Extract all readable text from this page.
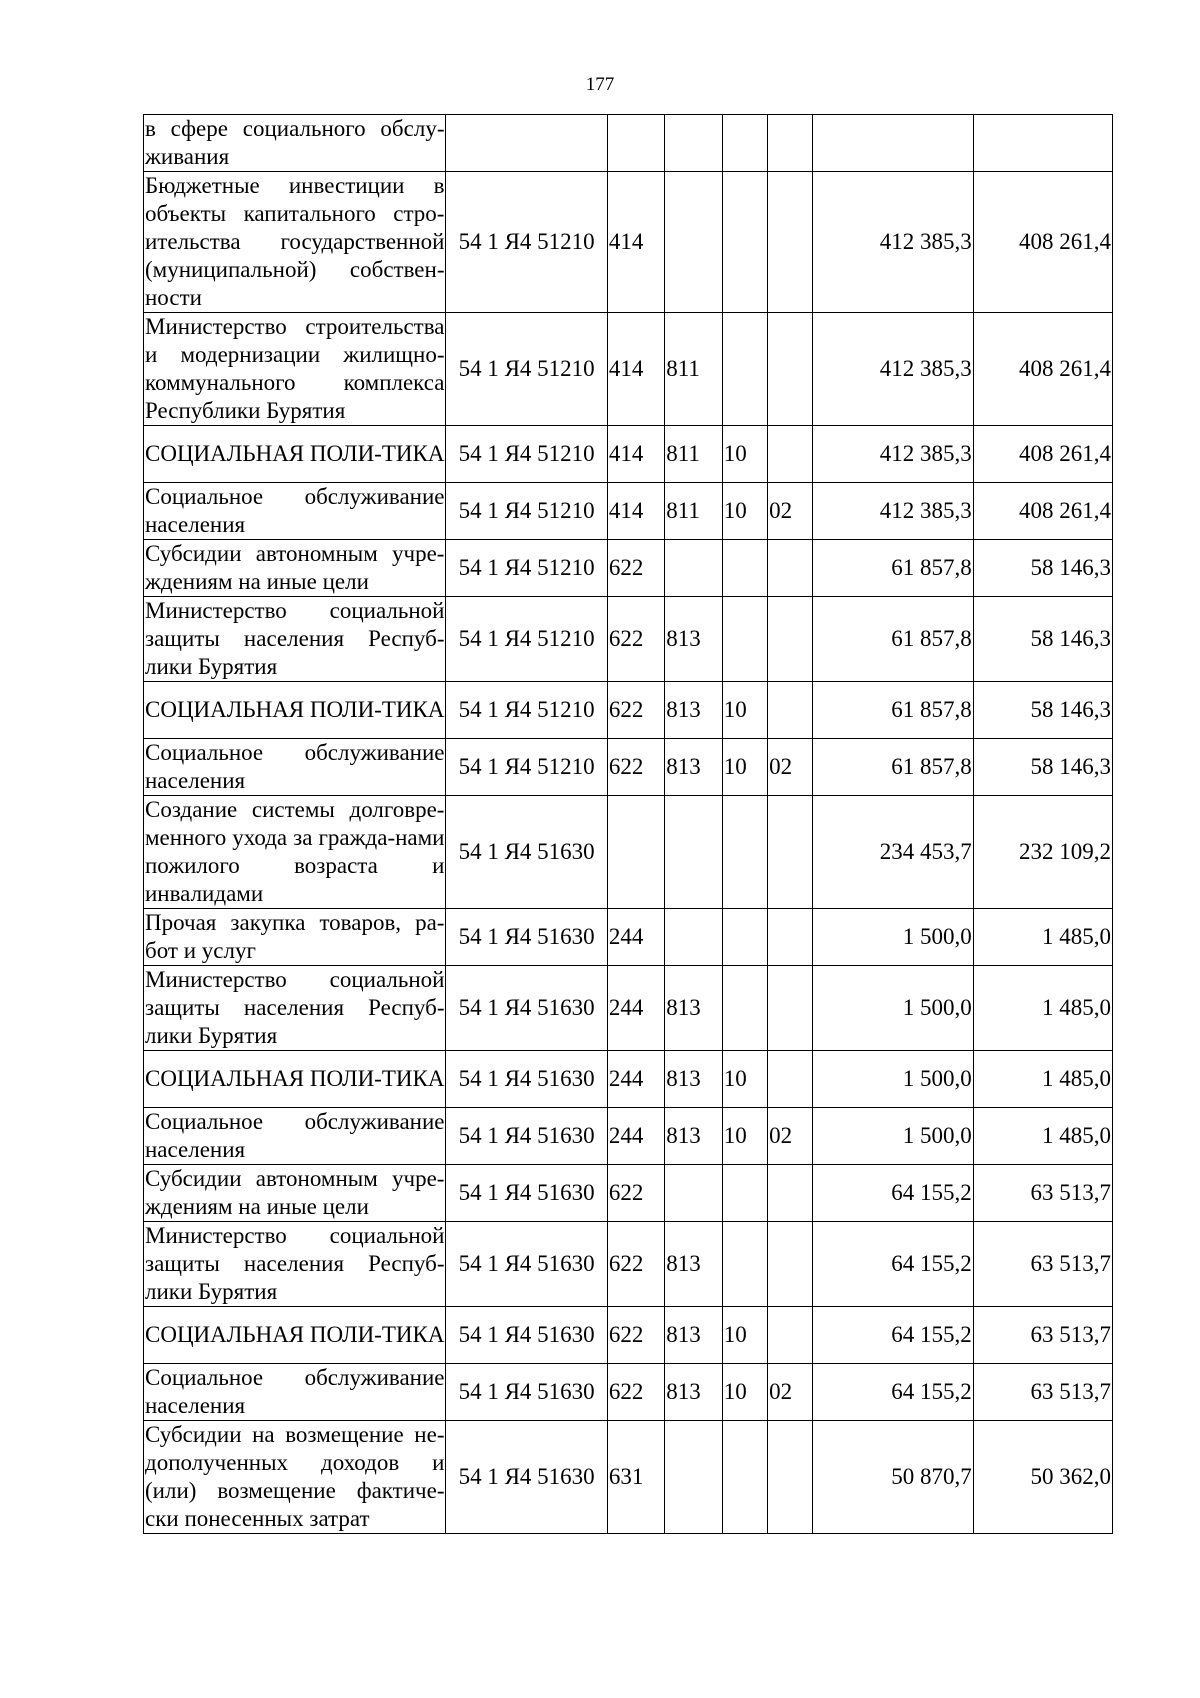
177
в сфере социального обслу- живания							
Бюджетные инвестиции в объекты капитального стро-ительства государственной (муниципальной) собствен-ности	54 1 Я4 51210	414				412 385,3	408 261,4
Министерство строительства и модернизации жилищно-коммунального комплекса Республики Бурятия	54 1 Я4 51210	414	811			412 385,3	408 261,4
СОЦИАЛЬНАЯ ПОЛИ-ТИКА	54 1 Я4 51210	414	811	10		412 385,3	408 261,4
Социальное обслуживание населения	54 1 Я4 51210	414	811	10	02	412 385,3	408 261,4
Субсидии автономным учре-ждениям на иные цели	54 1 Я4 51210	622				61 857,8	58 146,3
Министерство социальной защиты населения Респуб-лики Бурятия	54 1 Я4 51210	622	813			61 857,8	58 146,3
СОЦИАЛЬНАЯ ПОЛИ-ТИКА	54 1 Я4 51210	622	813	10		61 857,8	58 146,3
Социальное обслуживание населения	54 1 Я4 51210	622	813	10	02	61 857,8	58 146,3
Создание системы долговре-менного ухода за гражда-нами пожилого возраста и инвалидами	54 1 Я4 51630					234 453,7	232 109,2
Прочая закупка товаров, ра-бот и услуг	54 1 Я4 51630	244				1 500,0	1 485,0
Министерство социальной защиты населения Респуб-лики Бурятия	54 1 Я4 51630	244	813			1 500,0	1 485,0
СОЦИАЛЬНАЯ ПОЛИ-ТИКА	54 1 Я4 51630	244	813	10		1 500,0	1 485,0
Социальное обслуживание населения	54 1 Я4 51630	244	813	10	02	1 500,0	1 485,0
Субсидии автономным учре-ждениям на иные цели	54 1 Я4 51630	622				64 155,2	63 513,7
Министерство социальной защиты населения Респуб-лики Бурятия	54 1 Я4 51630	622	813			64 155,2	63 513,7
СОЦИАЛЬНАЯ ПОЛИ-ТИКА	54 1 Я4 51630	622	813	10		64 155,2	63 513,7
Социальное обслуживание населения	54 1 Я4 51630	622	813	10	02	64 155,2	63 513,7
Субсидии на возмещение не-дополученных доходов и (или) возмещение фактиче-ски понесенных затрат	54 1 Я4 51630	631				50 870,7	50 362,0
